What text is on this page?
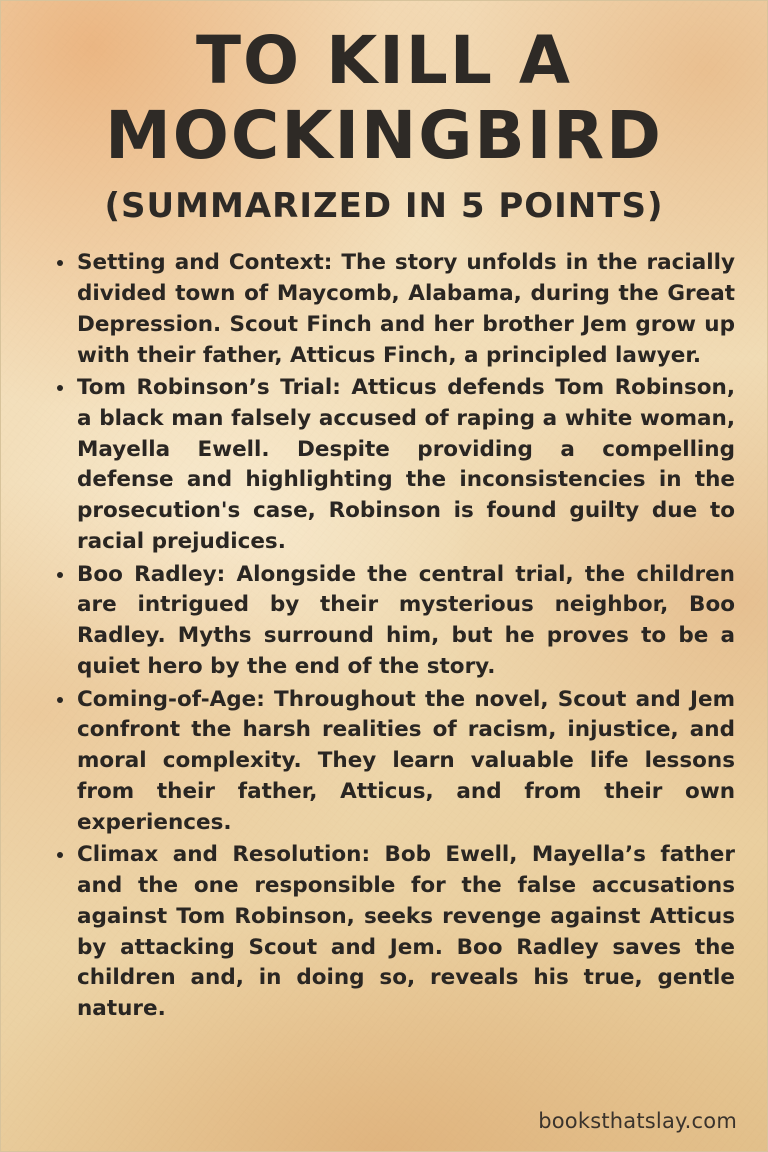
TO KILL A
MOCKINGBIRD
(SUMMARIZED IN 5 POINTS)
Setting and Context: The story unfolds in the racially divided town of Maycomb, Alabama, during the Great Depression. Scout Finch and her brother Jem grow up with their father, Atticus Finch, a principled lawyer.
Tom Robinson’s Trial: Atticus defends Tom Robinson, a black man falsely accused of raping a white woman, Mayella Ewell. Despite providing a compelling defense and highlighting the inconsistencies in the prosecution's case, Robinson is found guilty due to racial prejudices.
Boo Radley: Alongside the central trial, the children are intrigued by their mysterious neighbor, Boo Radley. Myths surround him, but he proves to be a quiet hero by the end of the story.
Coming-of-Age: Throughout the novel, Scout and Jem confront the harsh realities of racism, injustice, and moral complexity. They learn valuable life lessons from their father, Atticus, and from their own experiences.
Climax and Resolution: Bob Ewell, Mayella’s father and the one responsible for the false accusations against Tom Robinson, seeks revenge against Atticus by attacking Scout and Jem. Boo Radley saves the children and, in doing so, reveals his true, gentle nature.
booksthatslay.com
